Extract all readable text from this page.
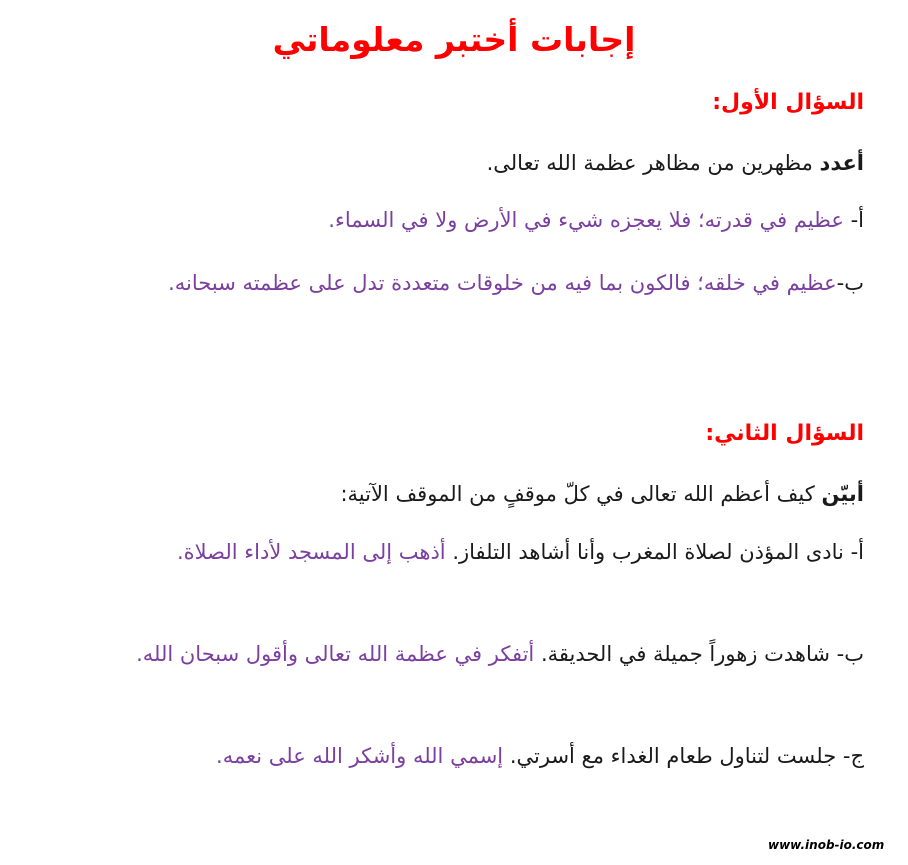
إجابات أختبر معلوماتي
السؤال الأول:
أعدد مظهرين من مظاهر عظمة الله تعالى.
أ- عظيم في قدرته؛ فلا يعجزه شيء في الأرض ولا في السماء.
ب-عظيم في خلقه؛ فالكون بما فيه من خلوقات متعددة تدل على عظمته سبحانه.
السؤال الثاني:
أبيّن كيف أعظم الله تعالى في كلّ موقفٍ من الموقف الآتية:
أ- نادى المؤذن لصلاة المغرب وأنا أشاهد التلفاز. أذهب إلى المسجد لأداء الصلاة.
ب- شاهدت زهوراً جميلة في الحديقة. أتفكر في عظمة الله تعالى وأقول سبحان الله.
ج- جلست لتناول طعام الغداء مع أسرتي. إسمي الله وأشكر الله على نعمه.
www.inob-io.com
